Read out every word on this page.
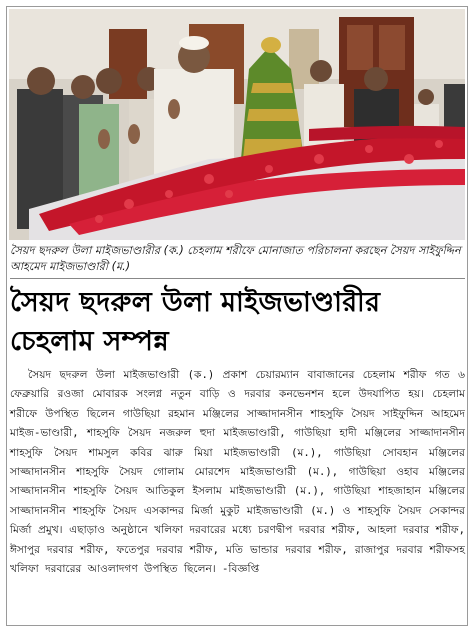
সৈয়দ ছদরুল উলা মাইজভাণ্ডারীর (ক.) চেহলাম শরীফে মোনাজাত পরিচালনা করছেন সৈয়দ সাইফুদ্দিন আহমেদ মাইজভাণ্ডারী (ম.)
সৈয়দ ছদরুল উলা মাইজভাণ্ডারীর চেহলাম সম্পন্ন
সৈয়দ ছদরুল উলা মাইজভাণ্ডারী (ক.) প্রকাশ চেয়ারম্যান বাবাজানের চেহলাম শরীফ গত ৬ ফেব্রুয়ারি রওজা মোবারক সংলগ্ন নতুন বাড়ি ও দরবার কনভেনশন হলে উদযাপিত হয়। চেহলাম শরীফে উপস্থিত ছিলেন গাউছিয়া রহমান মঞ্জিলের সাজ্জাদানসীন শাহসুফি সৈয়দ সাইফুদ্দিন আহমেদ মাইজ-ভাণ্ডারী, শাহসুফি সৈয়দ নজরুল হুদা মাইজভাণ্ডারী, গাউছিয়া হাদী মঞ্জিলের সাজ্জাদানসীন শাহসুফি সৈয়দ শামসুল কবির ঝারু মিয়া মাইজভাণ্ডারী (ম.), গাউছিয়া সোবহান মঞ্জিলের সাজ্জাদানসীন শাহসুফি সৈয়দ গোলাম মোরশেদ মাইজভাণ্ডারী (ম.), গাউছিয়া ওহাব মঞ্জিলের সাজ্জাদানসীন শাহসুফি সৈয়দ আতিকুল ইসলাম মাইজভাণ্ডারী (ম.), গাউছিয়া শাহজাহান মঞ্জিলের সাজ্জাদানসীন শাহসুফি সৈয়দ এসকান্দর মির্জা মুকুট মাইজভাণ্ডারী (ম.) ও শাহসুফি সৈয়দ সেকান্দর মির্জা প্রমুখ। এছাড়াও অনুষ্ঠানে খলিফা দরবারের মধ্যে চরণদ্বীপ দরবার শরীফ, আহলা দরবার শরীফ, ঈসাপুর দরবার শরীফ, ফতেপুর দরবার শরীফ, মতি ভান্ডার দরবার শরীফ, রাজাপুর দরবার শরীফসহ খলিফা দরবারের আওলাদগণ উপস্থিত ছিলেন। -বিজ্ঞপ্তি
